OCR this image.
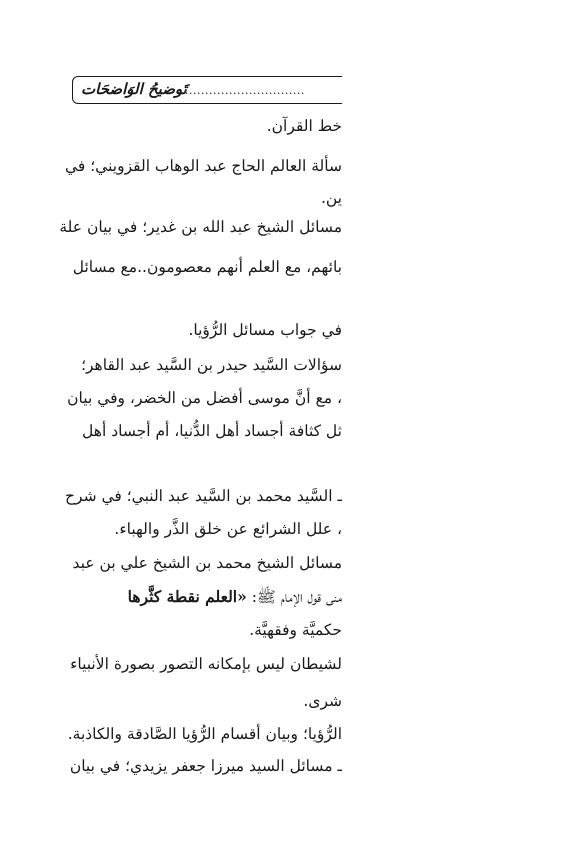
تَوضيحُ الوَاضحَات
................................
خط القرآن.
سألة العالم الحاج عبد الوهاب القزويني؛ في
ين.
مسائل الشيخ عبد الله بن غدير؛ في بيان علة
بائهم، مع العلم أنهم معصومون..مع مسائل
في جواب مسائل الرُّؤيا.
سؤالات السَّيد حيدر بن السَّيد عبد القاهر؛
، مع أنَّ موسى أفضل من الخضر، وفي بيان
ثل كثافة أجساد أهل الدُّنيا، أم أجساد أهل
ـ السَّيد محمد بن السَّيد عبد النبي؛ في شرح
، علل الشرائع عن خلق الذَّر والهباء.
مسائل الشيخ محمد بن الشيخ علي بن عبد
منى قول الإمام ﷺ: «العلم نقطة كثَّرها
حكميَّة وفقهيَّة.
لشيطان ليس بإمكانه التصور بصورة الأنبياء
شرى.
الرُّؤيا؛ وبيان أقسام الرُّؤيا الصَّادقة والكاذبة.
ـ مسائل السيد ميرزا جعفر يزيدي؛ في بيان
